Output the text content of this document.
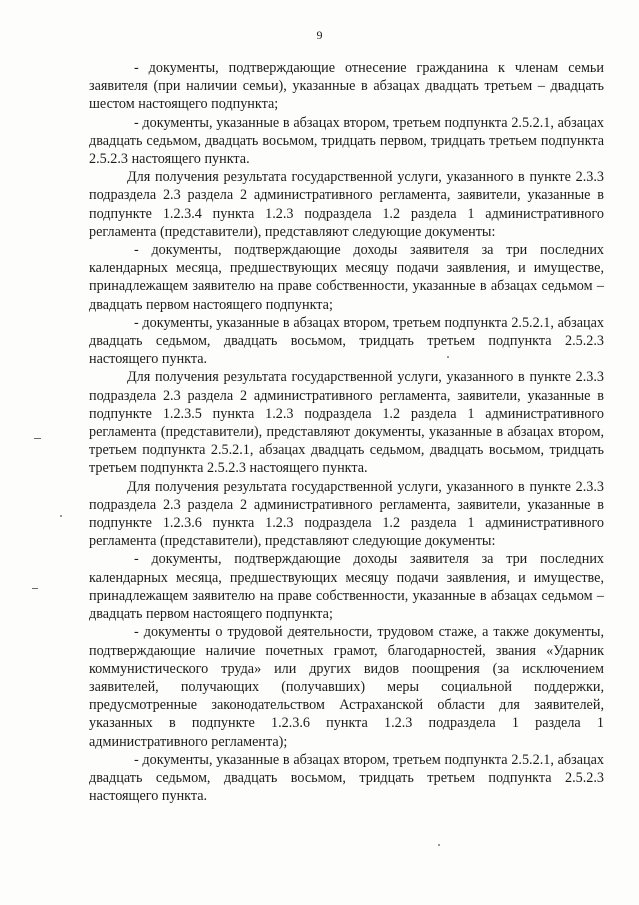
9

- документы, подтверждающие отнесение гражданина к членам семьи заявителя (при наличии семьи), указанные в абзацах двадцать третьем – двадцать шестом настоящего подпункта;

- документы, указанные в абзацах втором, третьем подпункта 2.5.2.1, абзацах двадцать седьмом, двадцать восьмом, тридцать первом, тридцать третьем подпункта 2.5.2.3 настоящего пункта.

Для получения результата государственной услуги, указанного в пункте 2.3.3 подраздела 2.3 раздела 2 административного регламента, заявители, указанные в подпункте 1.2.3.4 пункта 1.2.3 подраздела 1.2 раздела 1 административного регламента (представители), представляют следующие документы:

- документы, подтверждающие доходы заявителя за три последних календарных месяца, предшествующих месяцу подачи заявления, и имуществе, принадлежащем заявителю на праве собственности, указанные в абзацах седьмом – двадцать первом настоящего подпункта;

- документы, указанные в абзацах втором, третьем подпункта 2.5.2.1, абзацах двадцать седьмом, двадцать восьмом, тридцать третьем подпункта 2.5.2.3 настоящего пункта.

Для получения результата государственной услуги, указанного в пункте 2.3.3 подраздела 2.3 раздела 2 административного регламента, заявители, указанные в подпункте 1.2.3.5 пункта 1.2.3 подраздела 1.2 раздела 1 административного регламента (представители), представляют документы, указанные в абзацах втором, третьем подпункта 2.5.2.1, абзацах двадцать седьмом, двадцать восьмом, тридцать третьем подпункта 2.5.2.3 настоящего пункта.

Для получения результата государственной услуги, указанного в пункте 2.3.3 подраздела 2.3 раздела 2 административного регламента, заявители, указанные в подпункте 1.2.3.6 пункта 1.2.3 подраздела 1.2 раздела 1 административного регламента (представители), представляют следующие документы:

- документы, подтверждающие доходы заявителя за три последних календарных месяца, предшествующих месяцу подачи заявления, и имуществе, принадлежащем заявителю на праве собственности, указанные в абзацах седьмом – двадцать первом настоящего подпункта;

- документы о трудовой деятельности, трудовом стаже, а также документы, подтверждающие наличие почетных грамот, благодарностей, звания «Ударник коммунистического труда» или других видов поощрения (за исключением заявителей, получающих (получавших) меры социальной поддержки, предусмотренные законодательством Астраханской области для заявителей, указанных в подпункте 1.2.3.6 пункта 1.2.3 подраздела 1 раздела 1 административного регламента);

- документы, указанные в абзацах втором, третьем подпункта 2.5.2.1, абзацах двадцать седьмом, двадцать восьмом, тридцать третьем подпункта 2.5.2.3 настоящего пункта.
